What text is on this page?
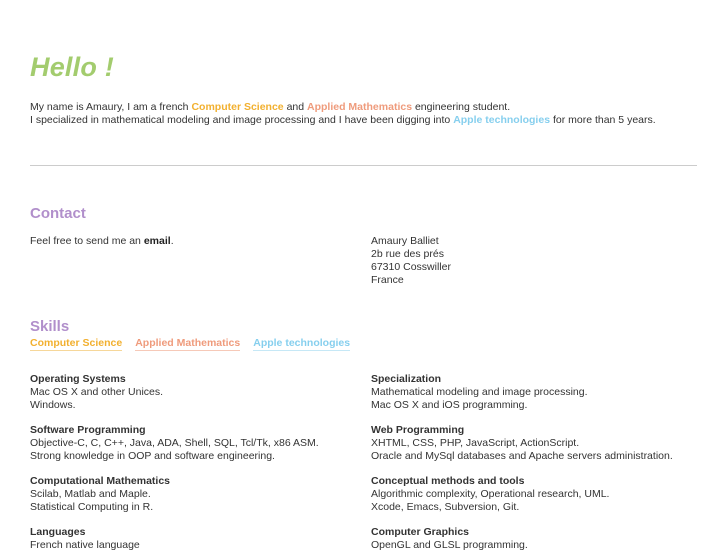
Hello !

My name is Amaury, I am a french Computer Science and Applied Mathematics engineering student.

I specialized in mathematical modeling and image processing and I have been digging into Apple technologies for more than 5 years.

Contact
Feel free to send me an email.	Amaury Balliet
2b rue des prés
67310 Cosswiller
France
Skills
Computer Science Applied Mathematics Apple technologies
Operating Systems
Mac OS X and other Unices.
Windows.
Specialization
Mathematical modeling and image processing.
Mac OS X and iOS programming.
Software Programming
Objective-C, C, C++, Java, ADA, Shell, SQL, Tcl/Tk, x86 ASM.
Strong knowledge in OOP and software engineering.
Web Programming
XHTML, CSS, PHP, JavaScript, ActionScript.
Oracle and MySql databases and Apache servers administration.
Computational Mathematics
Scilab, Matlab and Maple.
Statistical Computing in R.
Conceptual methods and tools
Algorithmic complexity, Operational research, UML.
Xcode, Emacs, Subversion, Git.
Languages
French native language
Computer Graphics
OpenGL and GLSL programming.
